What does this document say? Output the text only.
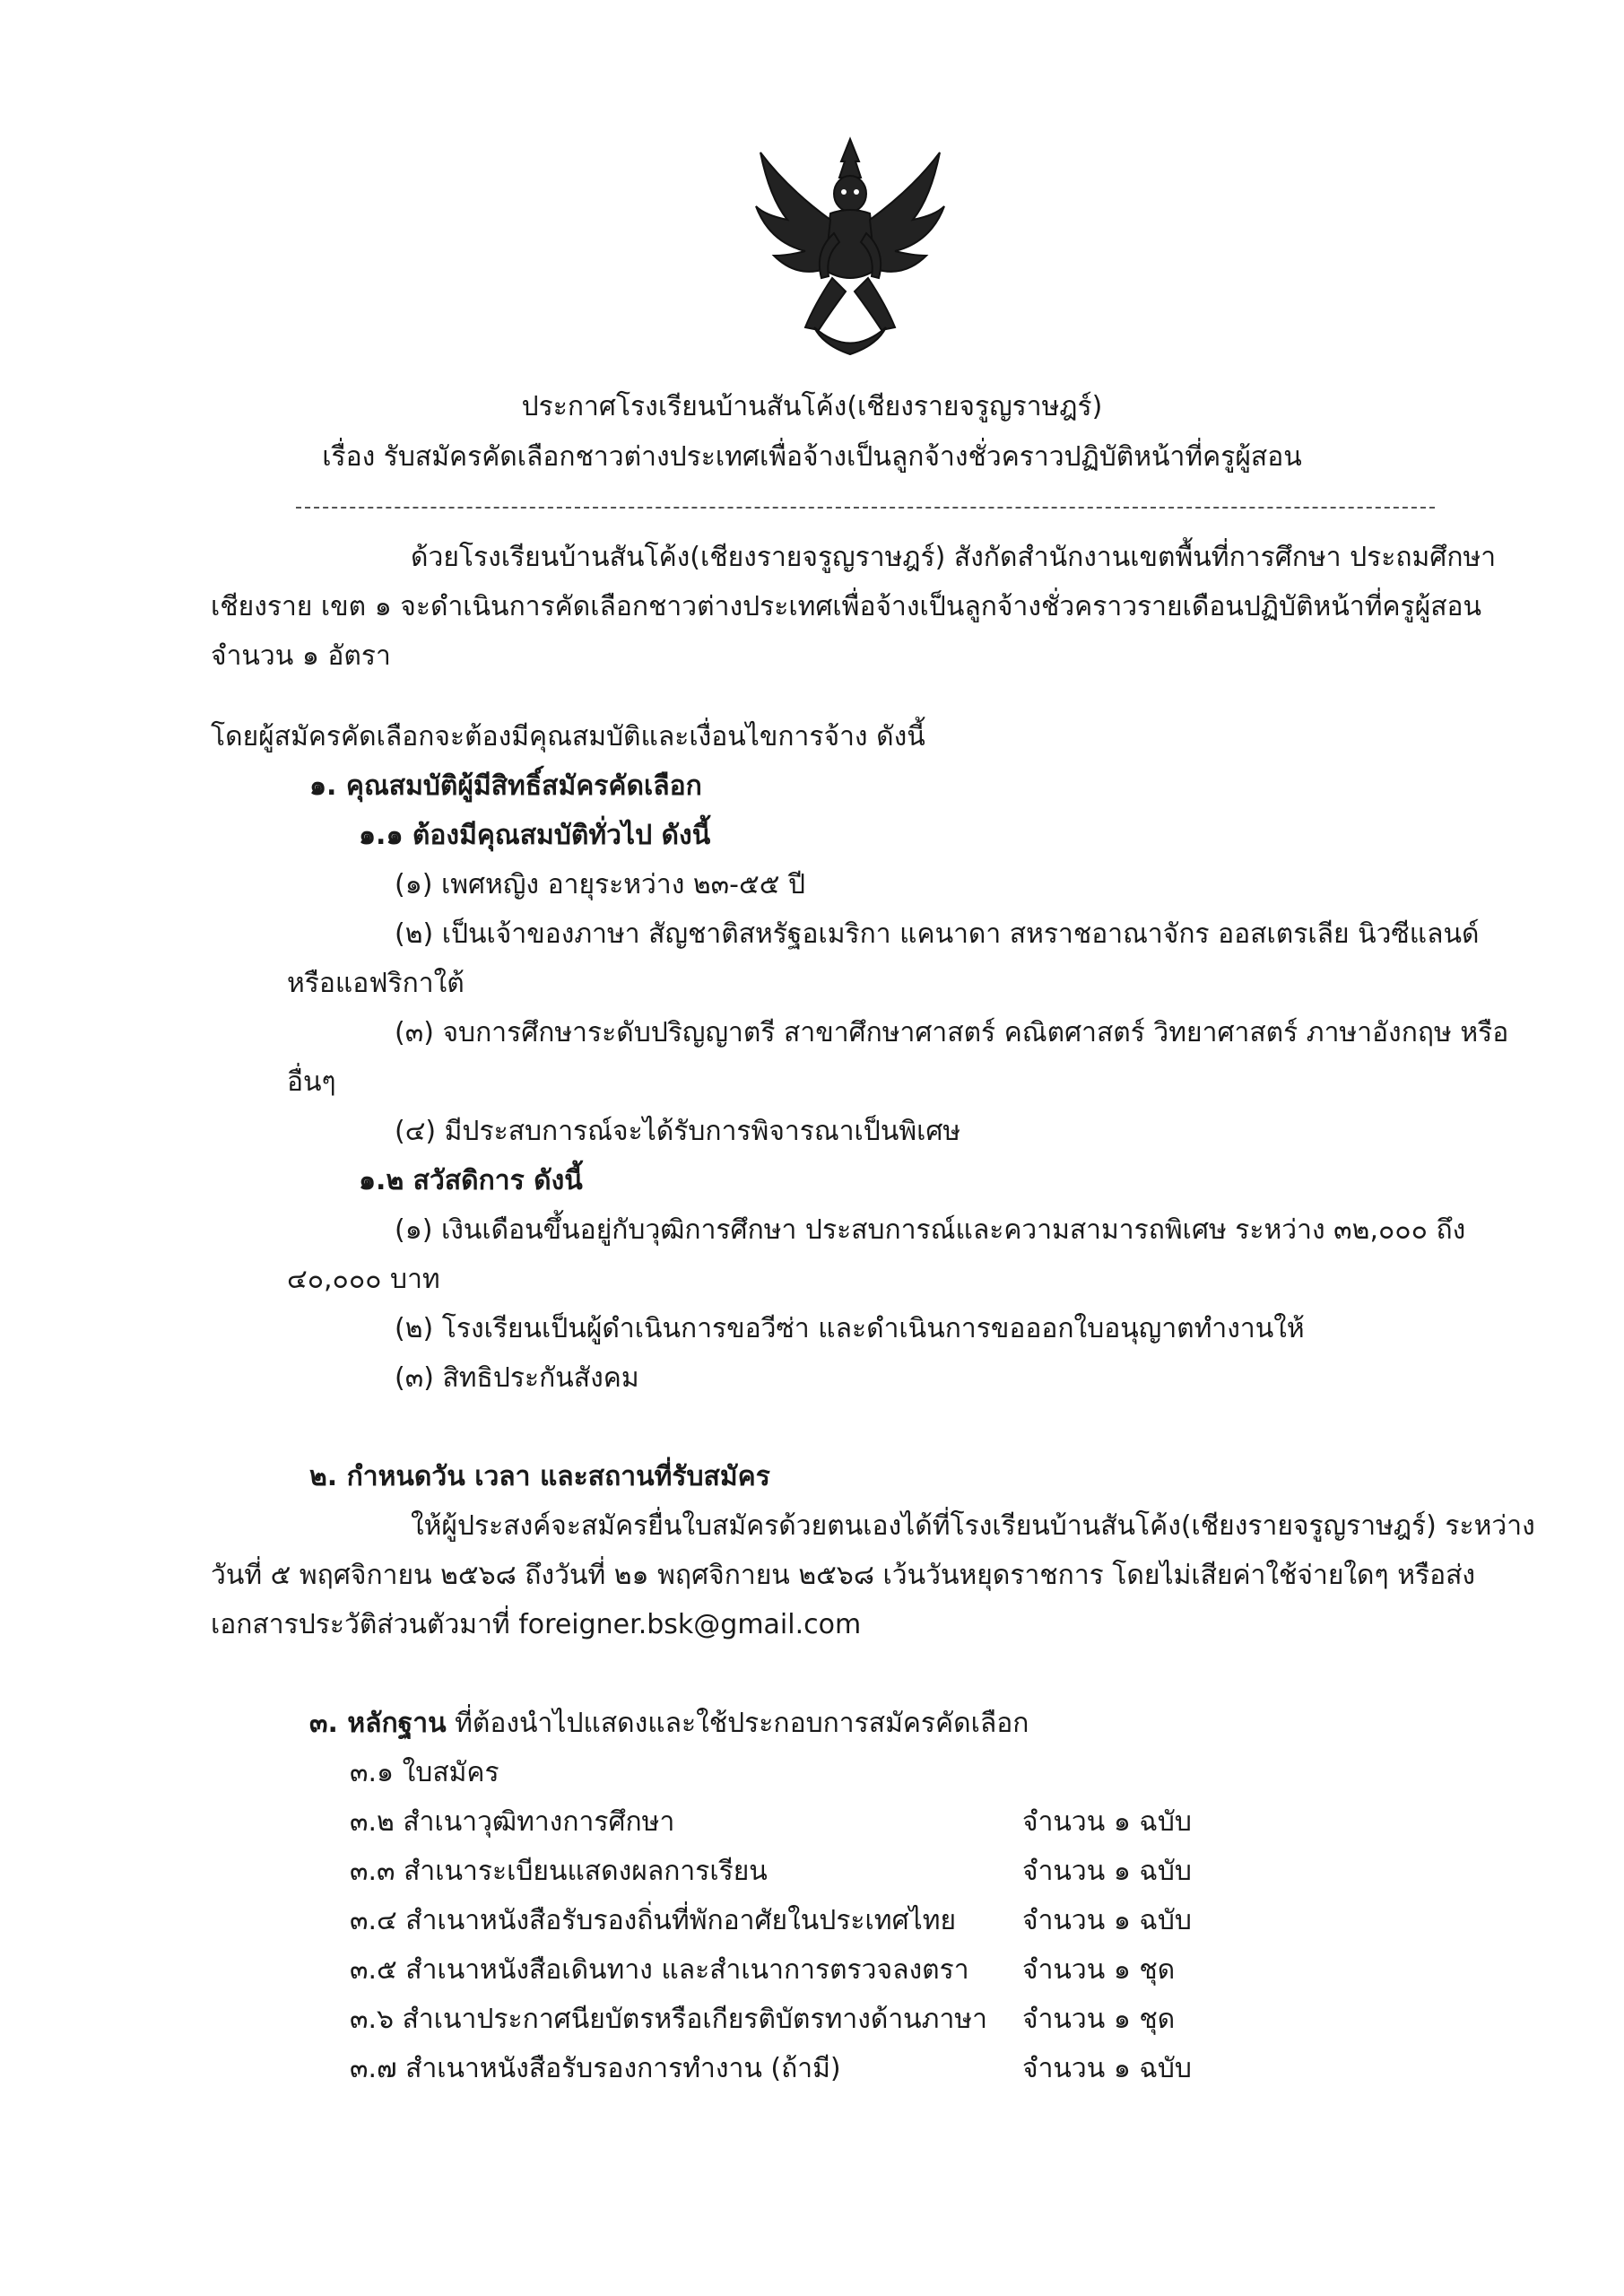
ประกาศโรงเรียนบ้านสันโค้ง(เชียงรายจรูญราษฎร์)
เรื่อง รับสมัครคัดเลือกชาวต่างประเทศเพื่อจ้างเป็นลูกจ้างชั่วคราวปฏิบัติหน้าที่ครูผู้สอน
ด้วยโรงเรียนบ้านสันโค้ง(เชียงรายจรูญราษฎร์) สังกัดสำนักงานเขตพื้นที่การศึกษา ประถมศึกษา
เชียงราย เขต ๑ จะดำเนินการคัดเลือกชาวต่างประเทศเพื่อจ้างเป็นลูกจ้างชั่วคราวรายเดือนปฏิบัติหน้าที่ครูผู้สอน
จำนวน ๑ อัตรา
โดยผู้สมัครคัดเลือกจะต้องมีคุณสมบัติและเงื่อนไขการจ้าง ดังนี้
๑. คุณสมบัติผู้มีสิทธิ์สมัครคัดเลือก
๑.๑ ต้องมีคุณสมบัติทั่วไป ดังนี้
(๑) เพศหญิง อายุระหว่าง ๒๓-๕๕ ปี
(๒) เป็นเจ้าของภาษา สัญชาติสหรัฐอเมริกา แคนาดา สหราชอาณาจักร ออสเตรเลีย นิวซีแลนด์
หรือแอฟริกาใต้
(๓) จบการศึกษาระดับปริญญาตรี สาขาศึกษาศาสตร์ คณิตศาสตร์ วิทยาศาสตร์ ภาษาอังกฤษ หรือ
อื่นๆ
(๔) มีประสบการณ์จะได้รับการพิจารณาเป็นพิเศษ
๑.๒ สวัสดิการ ดังนี้
(๑) เงินเดือนขึ้นอยู่กับวุฒิการศึกษา ประสบการณ์และความสามารถพิเศษ ระหว่าง ๓๒,๐๐๐ ถึง
๔๐,๐๐๐ บาท
(๒) โรงเรียนเป็นผู้ดำเนินการขอวีซ่า และดำเนินการขอออกใบอนุญาตทำงานให้
(๓) สิทธิประกันสังคม
๒. กำหนดวัน เวลา และสถานที่รับสมัคร
ให้ผู้ประสงค์จะสมัครยื่นใบสมัครด้วยตนเองได้ที่โรงเรียนบ้านสันโค้ง(เชียงรายจรูญราษฎร์) ระหว่าง
วันที่ ๕ พฤศจิกายน ๒๕๖๘ ถึงวันที่ ๒๑ พฤศจิกายน ๒๕๖๘ เว้นวันหยุดราชการ โดยไม่เสียค่าใช้จ่ายใดๆ หรือส่ง
เอกสารประวัติส่วนตัวมาที่ foreigner.bsk@gmail.com
๓. หลักฐาน ที่ต้องนำไปแสดงและใช้ประกอบการสมัครคัดเลือก
๓.๑ ใบสมัคร
๓.๒ สำเนาวุฒิทางการศึกษา	จำนวน ๑ ฉบับ
๓.๓ สำเนาระเบียนแสดงผลการเรียน	จำนวน ๑ ฉบับ
๓.๔ สำเนาหนังสือรับรองถิ่นที่พักอาศัยในประเทศไทย จำนวน ๑ ฉบับ
๓.๕ สำเนาหนังสือเดินทาง และสำเนาการตรวจลงตรา จำนวน ๑ ชุด
๓.๖ สำเนาประกาศนียบัตรหรือเกียรติบัตรทางด้านภาษา จำนวน ๑ ชุด
๓.๗ สำเนาหนังสือรับรองการทำงาน (ถ้ามี)	จำนวน ๑ ฉบับ
